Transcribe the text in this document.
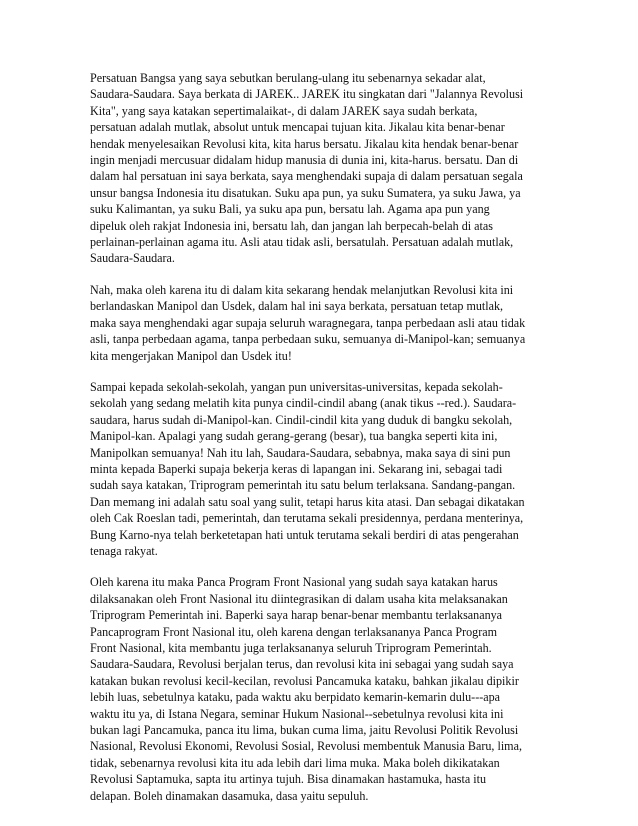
Persatuan Bangsa yang saya sebutkan berulang-ulang itu sebenarnya sekadar alat,
Saudara-Saudara. Saya berkata di JAREK.. JAREK itu singkatan dari "Jalannya Revolusi
Kita", yang saya katakan sepertimalaikat-, di dalam JAREK saya sudah berkata,
persatuan adalah mutlak, absolut untuk mencapai tujuan kita. Jikalau kita benar-benar
hendak menyelesaikan Revolusi kita, kita harus bersatu. Jikalau kita hendak benar-benar
ingin menjadi mercusuar didalam hidup manusia di dunia ini, kita-harus. bersatu. Dan di
dalam hal persatuan ini saya berkata, saya menghendaki supaja di dalam persatuan segala
unsur bangsa Indonesia itu disatukan. Suku apa pun, ya suku Sumatera, ya suku Jawa, ya
suku Kalimantan, ya suku Bali, ya suku apa pun, bersatu lah. Agama apa pun yang
dipeluk oleh rakjat Indonesia ini, bersatu lah, dan jangan lah berpecah-belah di atas
perlainan-perlainan agama itu. Asli atau tidak asli, bersatulah. Persatuan adalah mutlak,
Saudara-Saudara.

Nah, maka oleh karena itu di dalam kita sekarang hendak melanjutkan Revolusi kita ini
berlandaskan Manipol dan Usdek, dalam hal ini saya berkata, persatuan tetap mutlak,
maka saya menghendaki agar supaja seluruh waragnegara, tanpa perbedaan asli atau tidak
asli, tanpa perbedaan agama, tanpa perbedaan suku, semuanya di-Manipol-kan; semuanya
kita mengerjakan Manipol dan Usdek itu!

Sampai kepada sekolah-sekolah, yangan pun universitas-universitas, kepada sekolah-
sekolah yang sedang melatih kita punya cindil-cindil abang (anak tikus --red.). Saudara-
saudara, harus sudah di-Manipol-kan. Cindil-cindil kita yang duduk di bangku sekolah,
Manipol-kan. Apalagi yang sudah gerang-gerang (besar), tua bangka seperti kita ini,
Manipolkan semuanya! Nah itu lah, Saudara-Saudara, sebabnya, maka saya di sini pun
minta kepada Baperki supaja bekerja keras di lapangan ini. Sekarang ini, sebagai tadi
sudah saya katakan, Triprogram pemerintah itu satu belum terlaksana. Sandang-pangan.
Dan memang ini adalah satu soal yang sulit, tetapi harus kita atasi. Dan sebagai dikatakan
oleh Cak Roeslan tadi, pemerintah, dan terutama sekali presidennya, perdana menterinya,
Bung Karno-nya telah berketetapan hati untuk terutama sekali berdiri di atas pengerahan
tenaga rakyat.

Oleh karena itu maka Panca Program Front Nasional yang sudah saya katakan harus
dilaksanakan oleh Front Nasional itu diintegrasikan di dalam usaha kita melaksanakan
Triprogram Pemerintah ini. Baperki saya harap benar-benar membantu terlaksananya
Pancaprogram Front Nasional itu, oleh karena dengan terlaksananya Panca Program
Front Nasional, kita membantu juga terlaksananya seluruh Triprogram Pemerintah.
Saudara-Saudara, Revolusi berjalan terus, dan revolusi kita ini sebagai yang sudah saya
katakan bukan revolusi kecil-kecilan, revolusi Pancamuka kataku, bahkan jikalau dipikir
lebih luas, sebetulnya kataku, pada waktu aku berpidato kemarin-kemarin dulu---apa
waktu itu ya, di Istana Negara, seminar Hukum Nasional--sebetulnya revolusi kita ini
bukan lagi Pancamuka, panca itu lima, bukan cuma lima, jaitu Revolusi Politik Revolusi
Nasional, Revolusi Ekonomi, Revolusi Sosial, Revolusi membentuk Manusia Baru, lima,
tidak, sebenarnya revolusi kita itu ada lebih dari lima muka. Maka boleh dikikatakan
Revolusi Saptamuka, sapta itu artinya tujuh. Bisa dinamakan hastamuka, hasta itu
delapan. Boleh dinamakan dasamuka, dasa yaitu sepuluh.
